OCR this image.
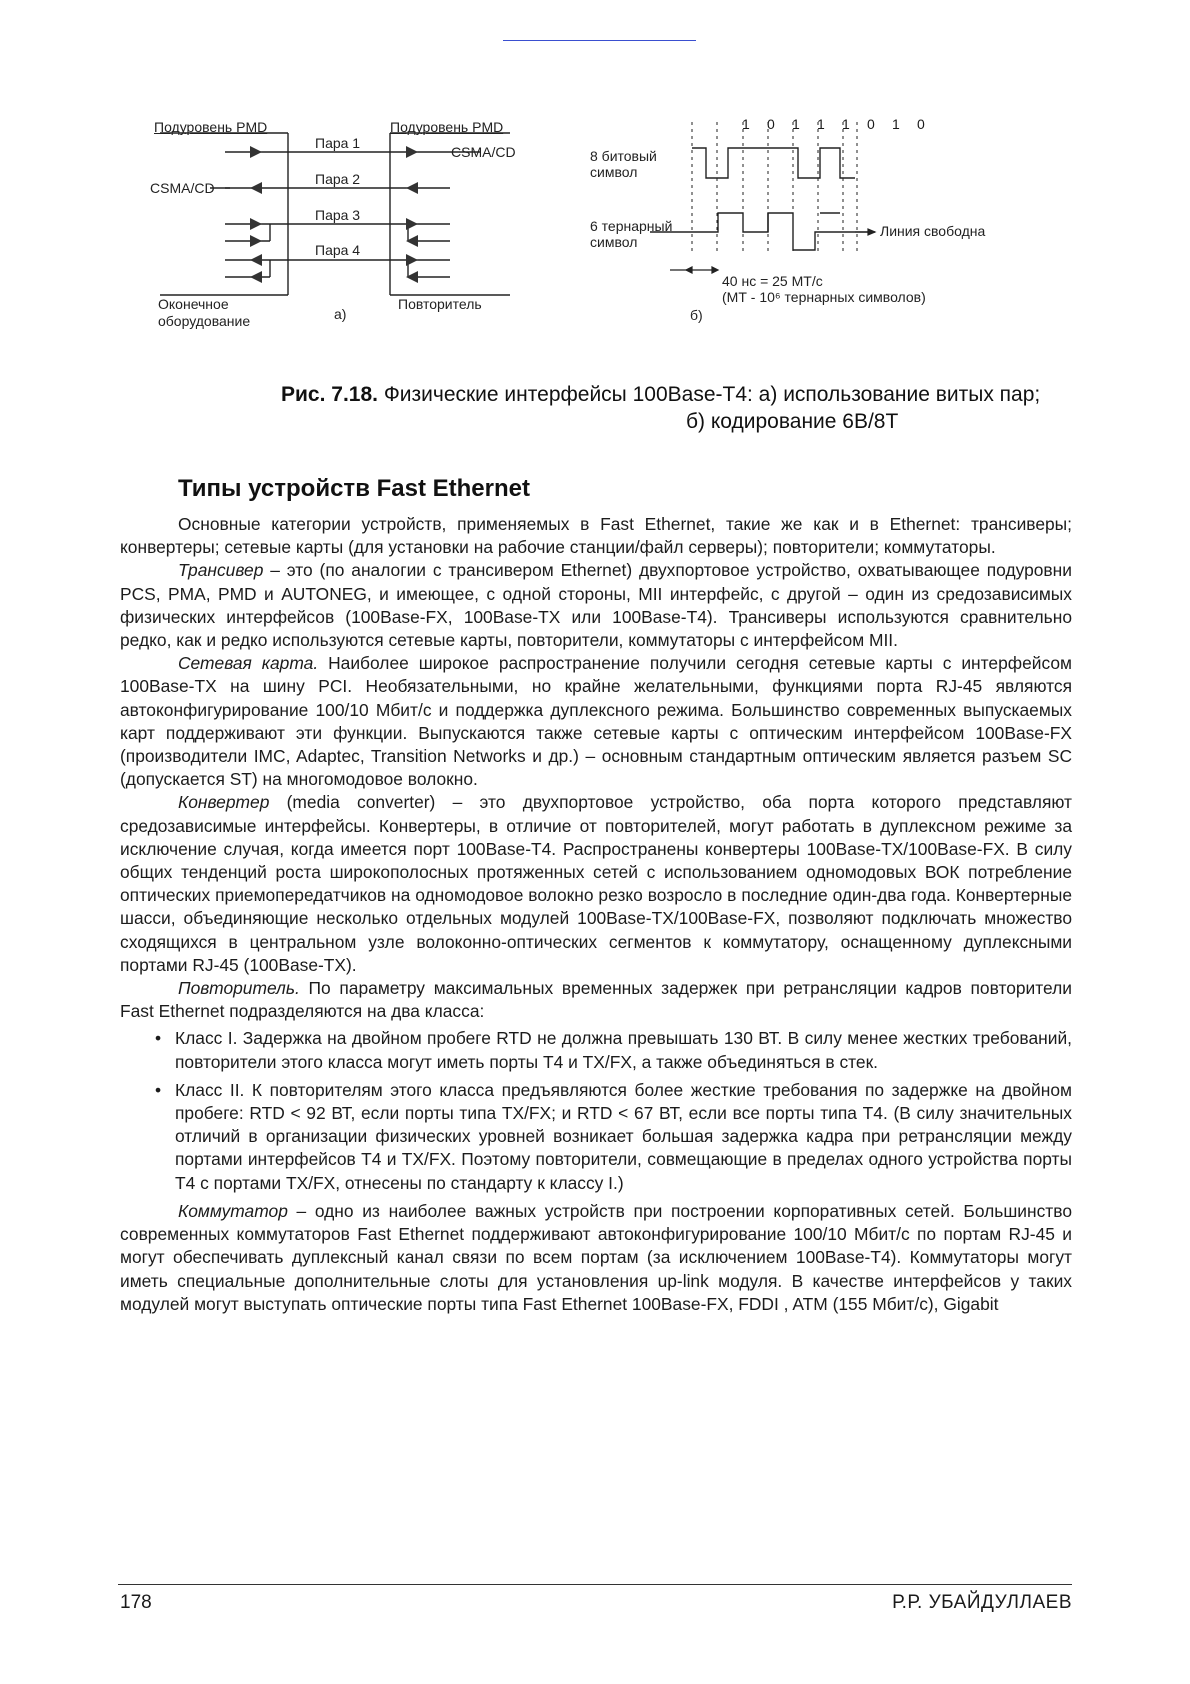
Подуровень PMD	Подуровень PMD
Пара 1
Пара 2
Пара 3
Пара 4
CSMA/CD
CSMA/CD
Оконечное
оборудование	а)
Повторитель
8 битовый
символ
6 тернарный
символ
Линия свободна
40 нс = 25 МТ/с
(МТ - 10⁶ тернарных символов)
б)
1 0 1 1 1 0 1 0
Рис. 7.18. Физические интерфейсы 100Base-T4: а) использование витых пар;
б) кодирование 6В/8Т
Типы устройств Fast Ethernet

Основные категории устройств, применяемых в Fast Ethernet, такие же как и в Ethernet: трансиверы; конвертеры; сетевые карты (для установки на рабочие станции/файл серверы); повторители; коммутаторы.

Трансивер – это (по аналогии с трансивером Ethernet) двухпортовое устройство, охватывающее подуровни PCS, PMA, PMD и AUTONEG, и имеющее, с одной стороны, MII интерфейс, с другой – один из средозависимых физических интерфейсов (100Base-FX, 100Base-TX или 100Base-T4). Трансиверы используются сравнительно редко, как и редко используются сетевые карты, повторители, коммутаторы с интерфейсом MII.

Сетевая карта. Наиболее широкое распространение получили сегодня сетевые карты с интерфейсом 100Base-TX на шину PCI. Необязательными, но крайне желательными, функциями порта RJ-45 являются автоконфигурирование 100/10 Мбит/с и поддержка дуплексного режима. Большинство современных выпускаемых карт поддерживают эти функции. Выпускаются также сетевые карты с оптическим интерфейсом 100Base-FX (производители IMC, Adaptec, Transition Networks и др.) – основным стандартным оптическим является разъем SC (допускается ST) на многомодовое волокно.

Конвертер (media converter) – это двухпортовое устройство, оба порта которого представляют средозависимые интерфейсы. Конвертеры, в отличие от повторителей, могут работать в дуплексном режиме за исключение случая, когда имеется порт 100Base-T4. Распространены конвертеры 100Base-TX/100Base-FX. В силу общих тенденций роста широкополосных протяженных сетей с использованием одномодовых ВОК потребление оптических приемопередатчиков на одномодовое волокно резко возросло в последние один-два года. Конвертерные шасси, объединяющие несколько отдельных модулей 100Base-TX/100Base-FX, позволяют подключать множество сходящихся в центральном узле волоконно-оптических сегментов к коммутатору, оснащенному дуплексными портами RJ-45 (100Base-TX).

Повторитель. По параметру максимальных временных задержек при ретрансляции кадров повторители Fast Ethernet подразделяются на два класса:

• Класс I. Задержка на двойном пробеге RTD не должна превышать 130 ВТ. В силу менее жестких требований, повторители этого класса могут иметь порты T4 и TX/FX, а также объединяться в стек.
• Класс II. К повторителям этого класса предъявляются более жесткие требования по задержке на двойном пробеге: RTD < 92 ВТ, если порты типа TX/FX; и RTD < 67 ВТ, если все порты типа T4. (В силу значительных отличий в организации физических уровней возникает большая задержка кадра при ретрансляции между портами интерфейсов T4 и TX/FX. Поэтому повторители, совмещающие в пределах одного устройства порты T4 с портами TX/FX, отнесены по стандарту к классу I.)

Коммутатор – одно из наиболее важных устройств при построении корпоративных сетей. Большинство современных коммутаторов Fast Ethernet поддерживают автоконфигурирование 100/10 Мбит/с по портам RJ-45 и могут обеспечивать дуплексный канал связи по всем портам (за исключением 100Base-T4). Коммутаторы могут иметь специальные дополнительные слоты для установления up-link модуля. В качестве интерфейсов у таких модулей могут выступать оптические порты типа Fast Ethernet 100Base-FX, FDDI , ATM (155 Мбит/с), Gigabit

178	Р.Р. УБАЙДУЛЛАЕВ
